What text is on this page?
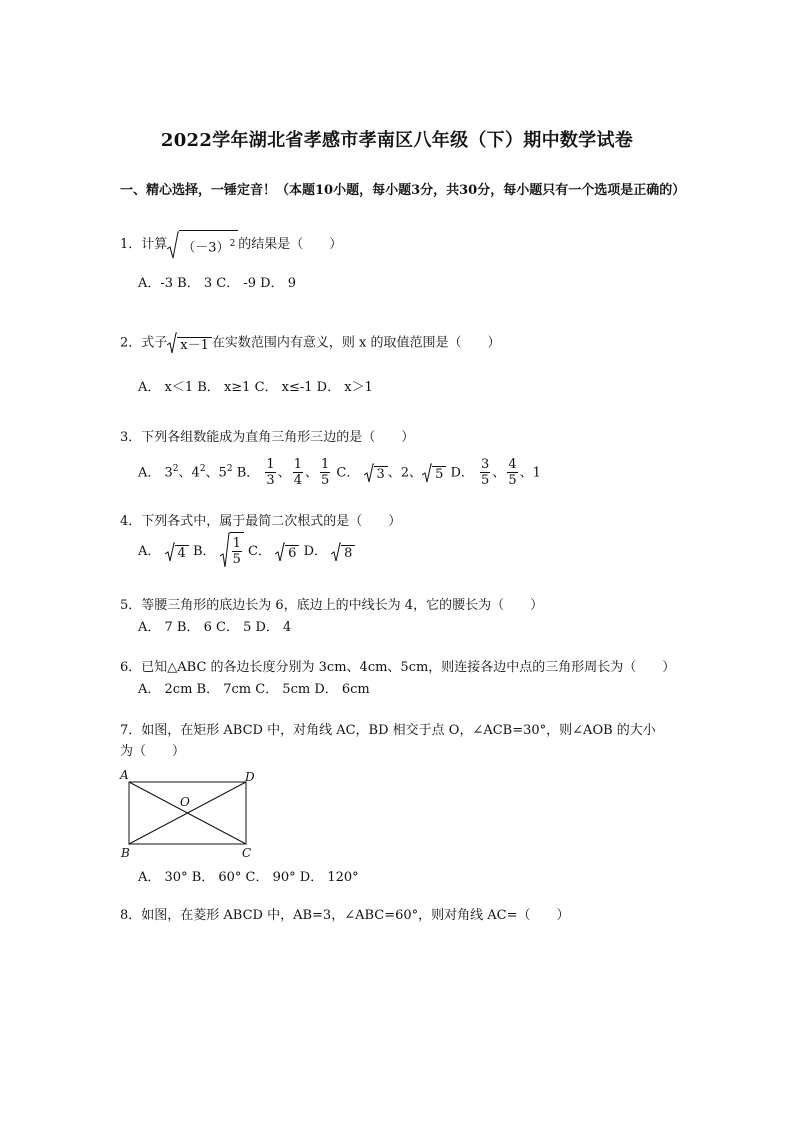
2022学年湖北省孝感市孝南区八年级（下）期中数学试卷
一、精心选择，一锤定音！（本题10小题，每小题3分，共30分，每小题只有一个选项是正确的）
1．计算 $(-3)^2$ 的结果是（　　）
A．-3 B． 3 C． -9 D． 9
2．式子 x－1 在实数范围内有意义，则 x 的取值范围是（　　）
A． x＜1 B． x≥1 C． x≤-1 D． x＞1
3．下列各组数能成为直角三角形三边的是（　　）
A． $3^2$、$4^2$、$5^2$ B． $\frac{1}{3}$ 、 $\frac{1}{4}$ 、 $\frac{1}{5}$ C． 3 、2、 5 D． $\frac{3}{5}$ 、 $\frac{4}{5}$ 、1
4．下列各式中，属于最简二次根式的是（　　）
A． 4 B． $\frac{1}{5}$ C． 6 D． 8
5．等腰三角形的底边长为 6，底边上的中线长为 4，它的腰长为（　　）
A． 7 B． 6 C． 5 D． 4
6．已知△ABC 的各边长度分别为 3cm、4cm、5cm，则连接各边中点的三角形周长为（　　）
A． 2cm B． 7cm C． 5cm D． 6cm
7．如图，在矩形 ABCD 中，对角线 AC，BD 相交于点 O，∠ACB=30°，则∠AOB 的大小
为（　　）
A	D
O
B	C
A． 30° B． 60° C． 90° D． 120°
8．如图，在菱形 ABCD 中，AB=3，∠ABC=60°，则对角线 AC=（　　）
